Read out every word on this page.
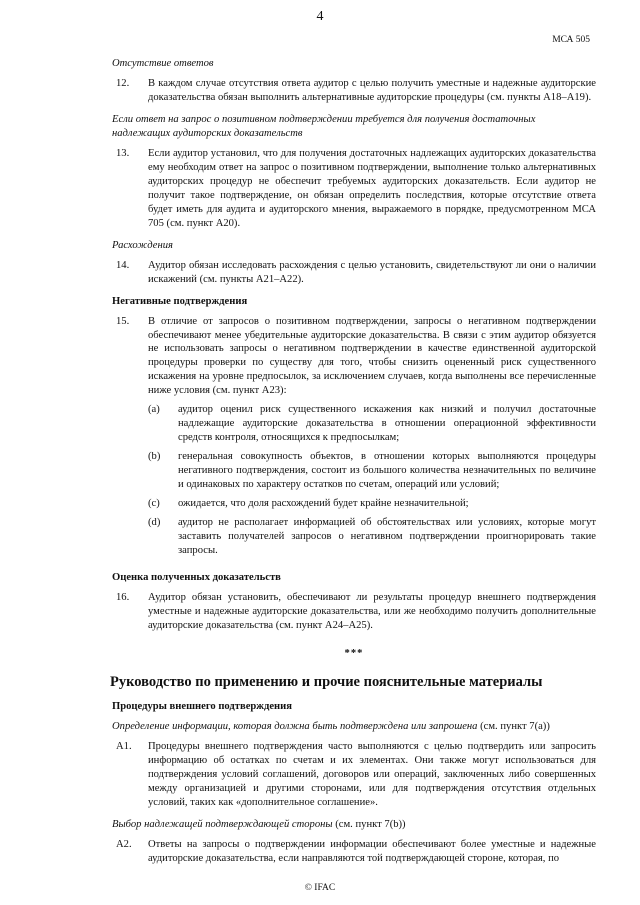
4
МСА 505
Отсутствие ответов
12.	В каждом случае отсутствия ответа аудитор с целью получить уместные и надежные аудиторские доказательства обязан выполнить альтернативные аудиторские процедуры (см. пункты A18–A19).
Если ответ на запрос о позитивном подтверждении требуется для получения достаточных надлежащих аудиторских доказательств
13.	Если аудитор установил, что для получения достаточных надлежащих аудиторских доказательства ему необходим ответ на запрос о позитивном подтверждении, выполнение только альтернативных аудиторских процедур не обеспечит требуемых аудиторских доказательств. Если аудитор не получит такое подтверждение, он обязан определить последствия, которые отсутствие ответа будет иметь для аудита и аудиторского мнения, выражаемого в порядке, предусмотренном МСА 705 (см. пункт A20).
Расхождения
14.	Аудитор обязан исследовать расхождения с целью установить, свидетельствуют ли они о наличии искажений (см. пункты A21–A22).
Негативные подтверждения
15.	В отличие от запросов о позитивном подтверждении, запросы о негативном подтверждении обеспечивают менее убедительные аудиторские доказательства. В связи с этим аудитор обязуется не использовать запросы о негативном подтверждении в качестве единственной аудиторской процедуры проверки по существу для того, чтобы снизить оцененный риск существенного искажения на уровне предпосылок, за исключением случаев, когда выполнены все перечисленные ниже условия (см. пункт A23):
(a)	аудитор оценил риск существенного искажения как низкий и получил достаточные надлежащие аудиторские доказательства в отношении операционной эффективности средств контроля, относящихся к предпосылкам;
(b)	генеральная совокупность объектов, в отношении которых выполняются процедуры негативного подтверждения, состоит из большого количества незначительных по величине и одинаковых по характеру остатков по счетам, операций или условий;
(c)	ожидается, что доля расхождений будет крайне незначительной;
(d)	аудитор не располагает информацией об обстоятельствах или условиях, которые могут заставить получателей запросов о негативном подтверждении проигнорировать такие запросы.
Оценка полученных доказательств
16.	Аудитор обязан установить, обеспечивают ли результаты процедур внешнего подтверждения уместные и надежные аудиторские доказательства, или же необходимо получить дополнительные аудиторские доказательства (см. пункт A24–A25).
***
Руководство по применению и прочие пояснительные материалы
Процедуры внешнего подтверждения
Определение информации, которая должна быть подтверждена или запрошена (см. пункт 7(a))
A1.	Процедуры внешнего подтверждения часто выполняются с целью подтвердить или запросить информацию об остатках по счетам и их элементах. Они также могут использоваться для подтверждения условий соглашений, договоров или операций, заключенных либо совершенных между организацией и другими сторонами, или для подтверждения отсутствия отдельных условий, таких как «дополнительное соглашение».
Выбор надлежащей подтверждающей стороны (см. пункт 7(b))
A2.	Ответы на запросы о подтверждении информации обеспечивают более уместные и надежные аудиторские доказательства, если направляются той подтверждающей стороне, которая, по
© IFAC
